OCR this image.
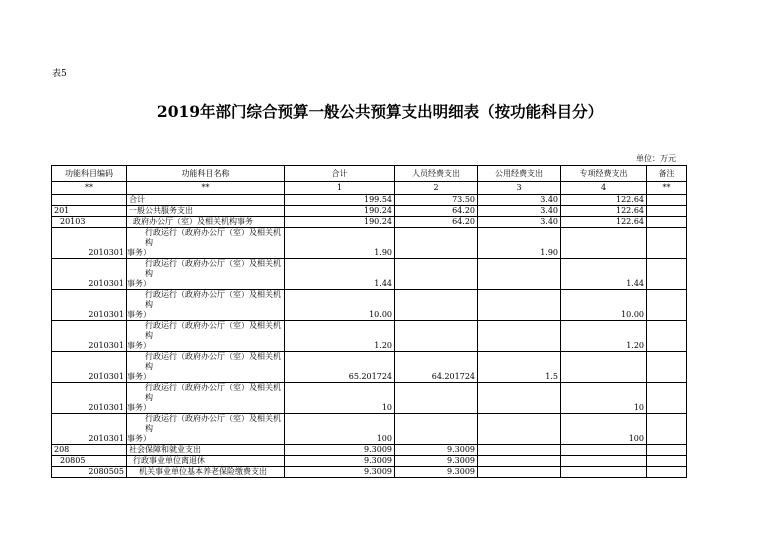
表5
2019年部门综合预算一般公共预算支出明细表（按功能科目分）
单位：万元
功能科目编码	功能科目名称	合计	人员经费支出	公用经费支出	专项经费支出	备注
**	**	1	2	3	4	**
	合计	199.54	73.50	3.40	122.64	
201	一般公共服务支出	190.24	64.20	3.40	122.64	
20103	政府办公厅（室）及相关机构事务	190.24	64.20	3.40	122.64	
2010301	行政运行（政府办公厅（室）及相关机构
事务）	1.90		1.90		
2010301	行政运行（政府办公厅（室）及相关机构
事务）	1.44			1.44	
2010301	行政运行（政府办公厅（室）及相关机构
事务）	10.00			10.00	
2010301	行政运行（政府办公厅（室）及相关机构
事务）	1.20			1.20	
2010301	行政运行（政府办公厅（室）及相关机构
事务）	65.201724	64.201724	1.5		
2010301	行政运行（政府办公厅（室）及相关机构
事务）	10			10	
2010301	行政运行（政府办公厅（室）及相关机构
事务）	100			100	
208	社会保障和就业支出	9.3009	9.3009			
20805	行政事业单位离退休	9.3009	9.3009			
2080505	机关事业单位基本养老保险缴费支出	9.3009	9.3009			
